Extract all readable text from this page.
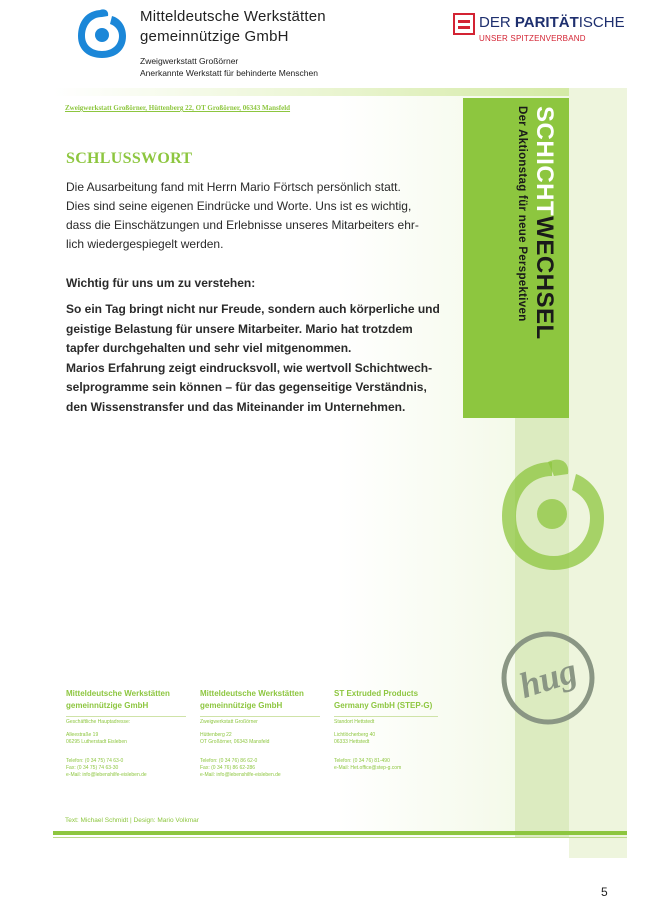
Mitteldeutsche Werkstätten
gemeinnützige GmbH
Zweigwerkstatt Großörner
Anerkannte Werkstatt für behinderte Menschen
DER PARITÄTISCHE
UNSER SPITZENVERBAND
Zweigwerkstatt Großörner, Hüttenberg 22, OT Großörner, 06343 Mansfeld	SCHICHTWECHSEL
Der Aktionstag für neue Perspektiven
hug
SCHLUSSWORT
Die Ausarbeitung fand mit Herrn Mario Förtsch persönlich statt.
Dies sind seine eigenen Eindrücke und Worte. Uns ist es wichtig,
dass die Einschätzungen und Erlebnisse unseres Mitarbeiters ehr-
lich wiedergespiegelt werden.
Wichtig für uns um zu verstehen:
So ein Tag bringt nicht nur Freude, sondern auch körperliche und
geistige Belastung für unsere Mitarbeiter. Mario hat trotzdem
tapfer durchgehalten und sehr viel mitgenommen.
Marios Erfahrung zeigt eindrucksvoll, wie wertvoll Schichtwech-
selprogramme sein können – für das gegenseitige Verständnis,
den Wissenstransfer und das Miteinander im Unternehmen.
Mitteldeutsche Werkstätten
gemeinnützige GmbH
Geschäftliche Hauptadresse:
Alleestraße 19
06295 Lutherstadt Eisleben
Telefon: (0 34 75) 74 63-0
Fax: (0 34 75) 74 63-30
e-Mail: info@lebenshilfe-eisleben.de
Mitteldeutsche Werkstätten
gemeinnützige GmbH
Zweigwerkstatt Großörner
Hüttenberg 22
OT Großörner, 06343 Mansfeld
Telefon: (0 34 76) 86 62-0
Fax: (0 34 76) 86 62-286
e-Mail: info@lebenshilfe-eisleben.de
ST Extruded Products
Germany GmbH (STEP-G)
Standort Hettstedt
Lichtlöcherberg 40
06333 Hettstedt
Telefon: (0 34 76) 81-490
e-Mail: Het.office@step-g.com
Text: Michael Schmidt | Design: Mario Volkmar
5
